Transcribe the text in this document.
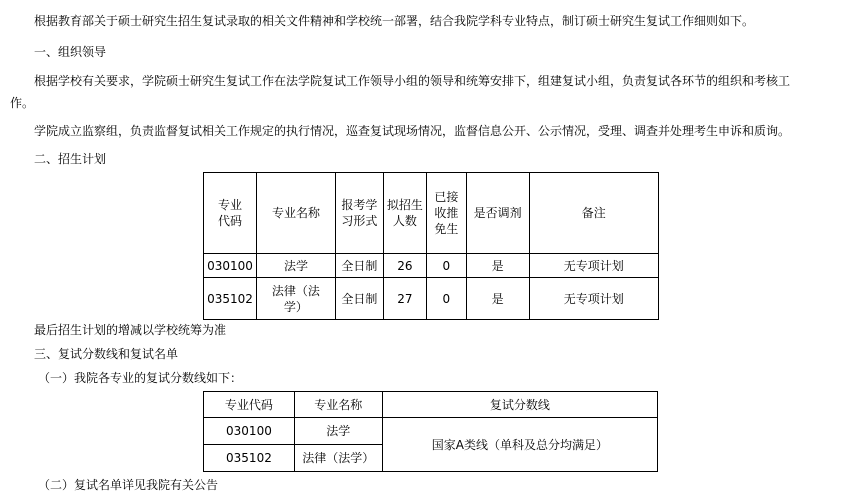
根据教育部关于硕士研究生招生复试录取的相关文件精神和学校统一部署，结合我院学科专业特点，制订硕士研究生复试工作细则如下。
一、组织领导
根据学校有关要求，学院硕士研究生复试工作在法学院复试工作领导小组的领导和统筹安排下，组建复试小组，负责复试各环节的组织和考核工
作。
学院成立监察组，负责监督复试相关工作规定的执行情况，巡查复试现场情况，监督信息公开、公示情况，受理、调查并处理考生申诉和质询。
二、招生计划
专业代码	专业名称	报考学习形式	拟招生人数	已接收推免生	是否调剂	备注
030100	法学	全日制	26	0	是	无专项计划
035102	法律（法学）	全日制	27	0	是	无专项计划
最后招生计划的增减以学校统筹为准
三、复试分数线和复试名单
（一）我院各专业的复试分数线如下：
专业代码	专业名称	复试分数线
030100	法学	国家A类线（单科及总分均满足）
035102	法律（法学）	
（二）复试名单详见我院有关公告
